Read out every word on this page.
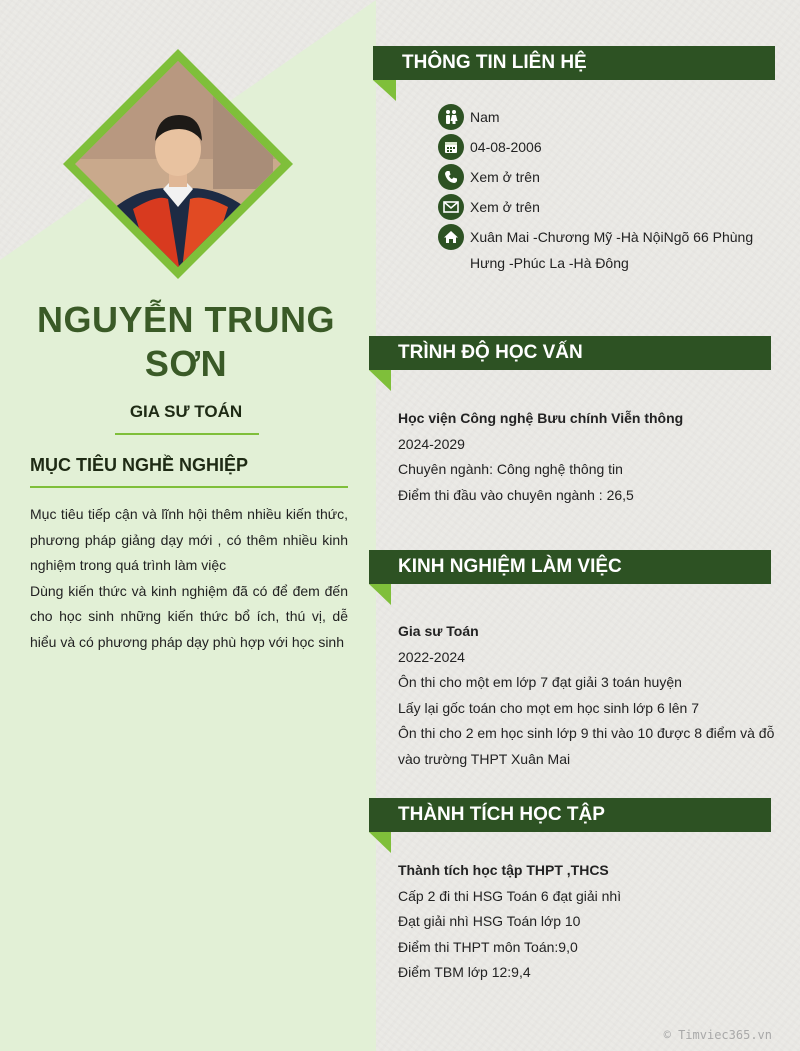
NGUYỄN TRUNG
SƠN
GIA SƯ TOÁN
MỤC TIÊU NGHỀ NGHIỆP

Mục tiêu tiếp cận và lĩnh hội thêm nhiều kiến thức, phương pháp giảng dạy mới , có thêm nhiều kinh nghiệm trong quá trình làm việc

Dùng kiến thức và kinh nghiệm đã có để đem đến cho học sinh những kiến thức bổ ích, thú vị, dễ hiểu và có phương pháp dạy phù hợp với học sinh

THÔNG TIN LIÊN HỆ
Nam
04-08-2006
Xem ở trên
Xem ở trên
Xuân Mai -Chương Mỹ -Hà NộiNgõ 66 Phùng
Hưng -Phúc La -Hà Đông
TRÌNH ĐỘ HỌC VẤN
Học viện Công nghệ Bưu chính Viễn thông
2024-2029
Chuyên ngành: Công nghệ thông tin
Điểm thi đầu vào chuyên ngành : 26,5
KINH NGHIỆM LÀM VIỆC
Gia sư Toán
2022-2024
Ôn thi cho một em lớp 7 đạt giải 3 toán huyện
Lấy lại gốc toán cho mọt em học sinh lớp 6 lên 7
Ôn thi cho 2 em học sinh lớp 9 thi vào 10 được 8 điểm và đỗ
vào trường THPT Xuân Mai
THÀNH TÍCH HỌC TẬP
Thành tích học tập THPT ,THCS
Cấp 2 đi thi HSG Toán 6 đạt giải nhì
Đạt giải nhì HSG Toán lớp 10
Điểm thi THPT môn Toán:9,0
Điểm TBM lớp 12:9,4
© Timviec365.vn
